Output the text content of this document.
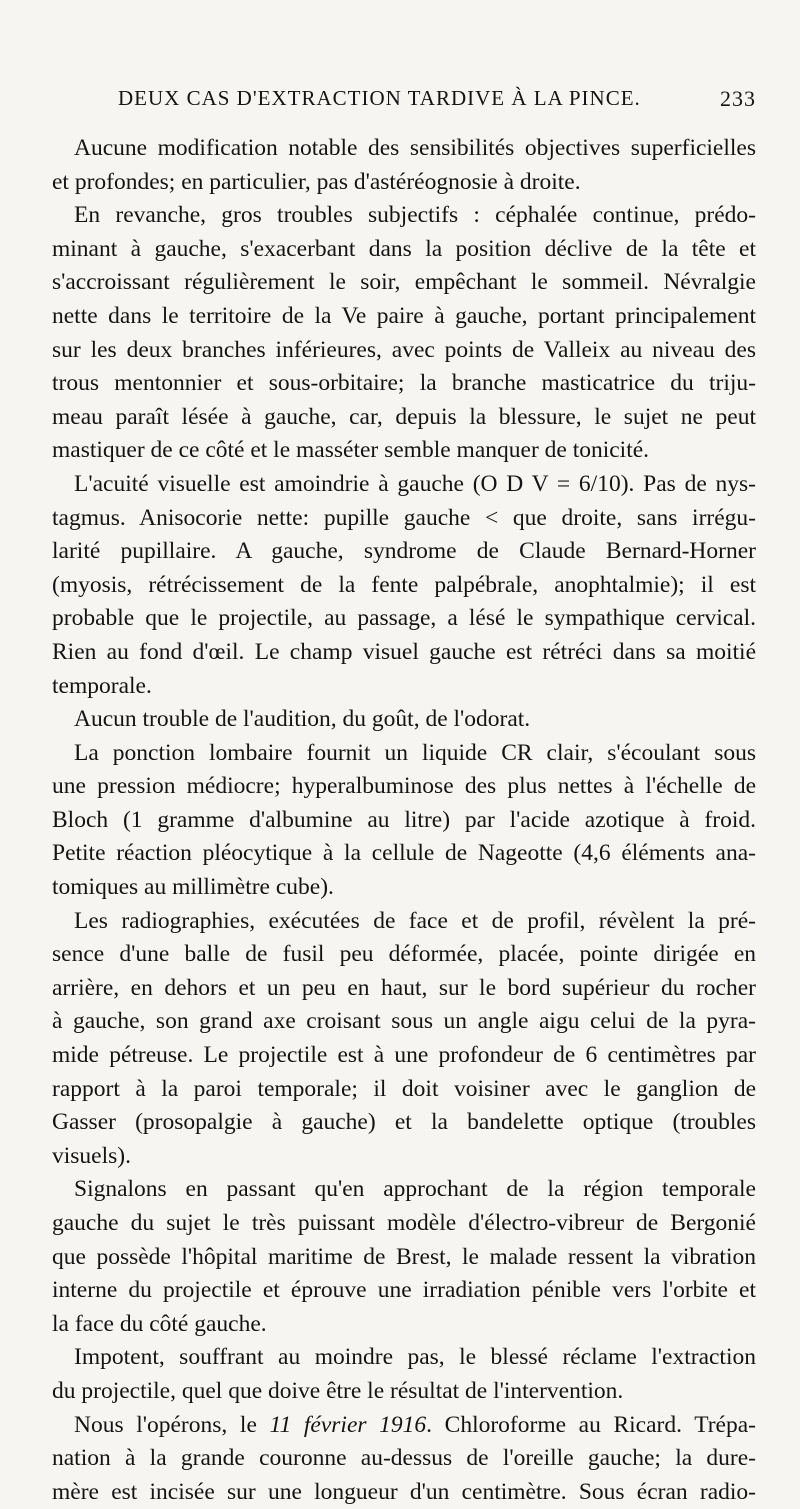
DEUX CAS D'EXTRACTION TARDIVE À LA PINCE.	233
Aucune modification notable des sensibilités objectives superficielles
et profondes; en particulier, pas d'astéréognosie à droite.
En revanche, gros troubles subjectifs : céphalée continue, prédo-
minant à gauche, s'exacerbant dans la position déclive de la tête et
s'accroissant régulièrement le soir, empêchant le sommeil. Névralgie
nette dans le territoire de la Ve paire à gauche, portant principalement
sur les deux branches inférieures, avec points de Valleix au niveau des
trous mentonnier et sous-orbitaire; la branche masticatrice du triju-
meau paraît lésée à gauche, car, depuis la blessure, le sujet ne peut
mastiquer de ce côté et le masséter semble manquer de tonicité.
L'acuité visuelle est amoindrie à gauche (O D V = 6/10). Pas de nys-
tagmus. Anisocorie nette: pupille gauche < que droite, sans irrégu-
larité pupillaire. A gauche, syndrome de Claude Bernard-Horner
(myosis, rétrécissement de la fente palpébrale, anophtalmie); il est
probable que le projectile, au passage, a lésé le sympathique cervical.
Rien au fond d'œil. Le champ visuel gauche est rétréci dans sa moitié
temporale.
Aucun trouble de l'audition, du goût, de l'odorat.
La ponction lombaire fournit un liquide CR clair, s'écoulant sous
une pression médiocre; hyperalbuminose des plus nettes à l'échelle de
Bloch (1 gramme d'albumine au litre) par l'acide azotique à froid.
Petite réaction pléocytique à la cellule de Nageotte (4,6 éléments ana-
tomiques au millimètre cube).
Les radiographies, exécutées de face et de profil, révèlent la pré-
sence d'une balle de fusil peu déformée, placée, pointe dirigée en
arrière, en dehors et un peu en haut, sur le bord supérieur du rocher
à gauche, son grand axe croisant sous un angle aigu celui de la pyra-
mide pétreuse. Le projectile est à une profondeur de 6 centimètres par
rapport à la paroi temporale; il doit voisiner avec le ganglion de
Gasser (prosopalgie à gauche) et la bandelette optique (troubles
visuels).
Signalons en passant qu'en approchant de la région temporale
gauche du sujet le très puissant modèle d'électro-vibreur de Bergonié
que possède l'hôpital maritime de Brest, le malade ressent la vibration
interne du projectile et éprouve une irradiation pénible vers l'orbite et
la face du côté gauche.
Impotent, souffrant au moindre pas, le blessé réclame l'extraction
du projectile, quel que doive être le résultat de l'intervention.
Nous l'opérons, le 11 février 1916. Chloroforme au Ricard. Trépa-
nation à la grande couronne au-dessus de l'oreille gauche; la dure-
mère est incisée sur une longueur d'un centimètre. Sous écran radio-
